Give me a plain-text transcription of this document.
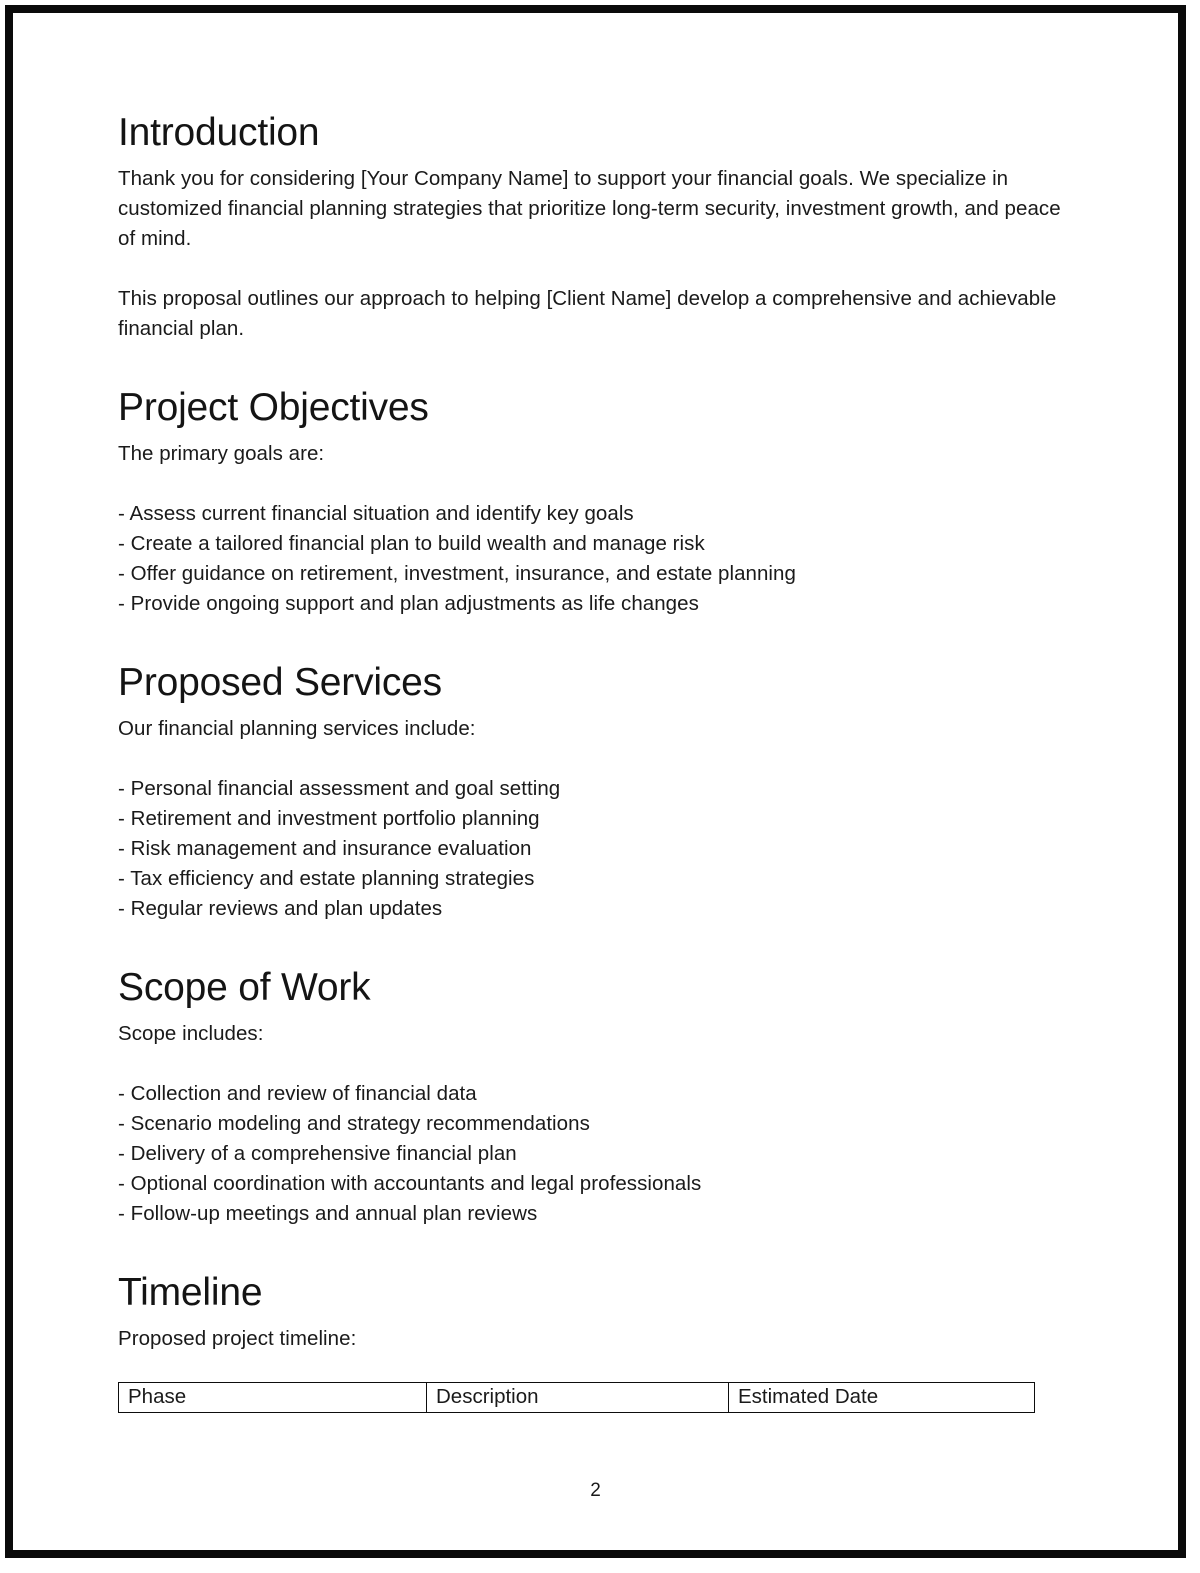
Introduction

Thank you for considering [Your Company Name] to support your financial goals. We specialize in customized financial planning strategies that prioritize long-term security, investment growth, and peace of mind.

This proposal outlines our approach to helping [Client Name] develop a comprehensive and achievable financial plan.

Project Objectives

The primary goals are:

- Assess current financial situation and identify key goals
- Create a tailored financial plan to build wealth and manage risk
- Offer guidance on retirement, investment, insurance, and estate planning
- Provide ongoing support and plan adjustments as life changes
Proposed Services

Our financial planning services include:

- Personal financial assessment and goal setting
- Retirement and investment portfolio planning
- Risk management and insurance evaluation
- Tax efficiency and estate planning strategies
- Regular reviews and plan updates
Scope of Work

Scope includes:

- Collection and review of financial data
- Scenario modeling and strategy recommendations
- Delivery of a comprehensive financial plan
- Optional coordination with accountants and legal professionals
- Follow-up meetings and annual plan reviews
Timeline

Proposed project timeline:

Phase	Description	Estimated Date
2
